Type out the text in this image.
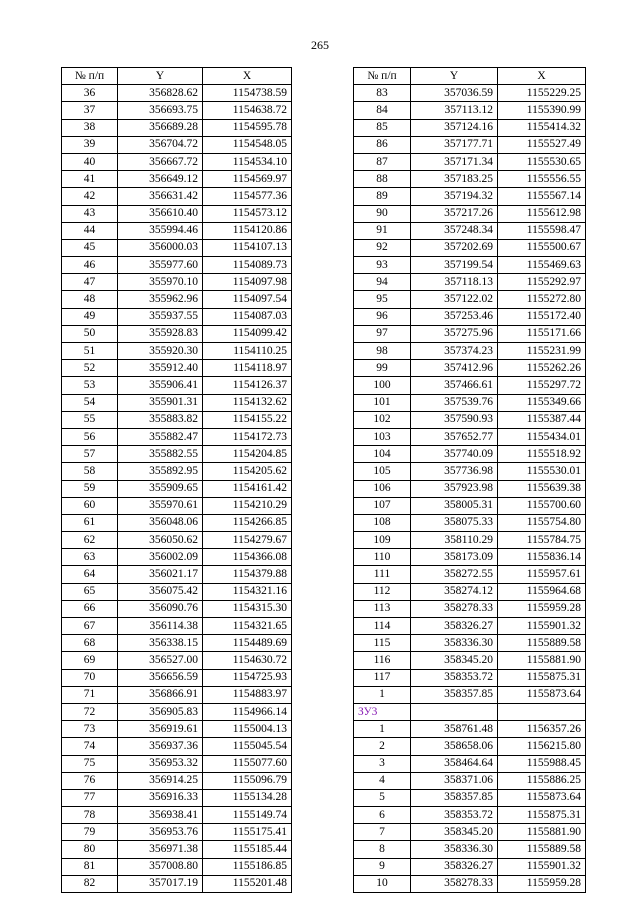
265
№ п/п	Y	X
36	356828.62	1154738.59
37	356693.75	1154638.72
38	356689.28	1154595.78
39	356704.72	1154548.05
40	356667.72	1154534.10
41	356649.12	1154569.97
42	356631.42	1154577.36
43	356610.40	1154573.12
44	355994.46	1154120.86
45	356000.03	1154107.13
46	355977.60	1154089.73
47	355970.10	1154097.98
48	355962.96	1154097.54
49	355937.55	1154087.03
50	355928.83	1154099.42
51	355920.30	1154110.25
52	355912.40	1154118.97
53	355906.41	1154126.37
54	355901.31	1154132.62
55	355883.82	1154155.22
56	355882.47	1154172.73
57	355882.55	1154204.85
58	355892.95	1154205.62
59	355909.65	1154161.42
60	355970.61	1154210.29
61	356048.06	1154266.85
62	356050.62	1154279.67
63	356002.09	1154366.08
64	356021.17	1154379.88
65	356075.42	1154321.16
66	356090.76	1154315.30
67	356114.38	1154321.65
68	356338.15	1154489.69
69	356527.00	1154630.72
70	356656.59	1154725.93
71	356866.91	1154883.97
72	356905.83	1154966.14
73	356919.61	1155004.13
74	356937.36	1155045.54
75	356953.32	1155077.60
76	356914.25	1155096.79
77	356916.33	1155134.28
78	356938.41	1155149.74
79	356953.76	1155175.41
80	356971.38	1155185.44
81	357008.80	1155186.85
82	357017.19	1155201.48
№ п/п	Y	X
83	357036.59	1155229.25
84	357113.12	1155390.99
85	357124.16	1155414.32
86	357177.71	1155527.49
87	357171.34	1155530.65
88	357183.25	1155556.55
89	357194.32	1155567.14
90	357217.26	1155612.98
91	357248.34	1155598.47
92	357202.69	1155500.67
93	357199.54	1155469.63
94	357118.13	1155292.97
95	357122.02	1155272.80
96	357253.46	1155172.40
97	357275.96	1155171.66
98	357374.23	1155231.99
99	357412.96	1155262.26
100	357466.61	1155297.72
101	357539.76	1155349.66
102	357590.93	1155387.44
103	357652.77	1155434.01
104	357740.09	1155518.92
105	357736.98	1155530.01
106	357923.98	1155639.38
107	358005.31	1155700.60
108	358075.33	1155754.80
109	358110.29	1155784.75
110	358173.09	1155836.14
111	358272.55	1155957.61
112	358274.12	1155964.68
113	358278.33	1155959.28
114	358326.27	1155901.32
115	358336.30	1155889.58
116	358345.20	1155881.90
117	358353.72	1155875.31
1	358357.85	1155873.64
ЗУ3		
1	358761.48	1156357.26
2	358658.06	1156215.80
3	358464.64	1155988.45
4	358371.06	1155886.25
5	358357.85	1155873.64
6	358353.72	1155875.31
7	358345.20	1155881.90
8	358336.30	1155889.58
9	358326.27	1155901.32
10	358278.33	1155959.28
